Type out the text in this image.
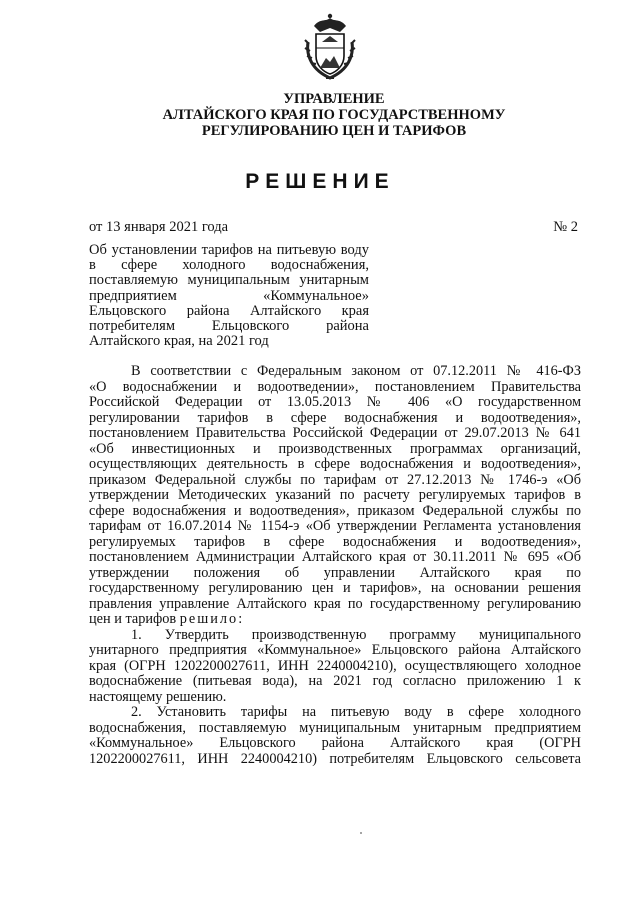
УПРАВЛЕНИЕ
АЛТАЙСКОГО КРАЯ ПО ГОСУДАРСТВЕННОМУ
РЕГУЛИРОВАНИЮ ЦЕН И ТАРИФОВ
РЕШЕНИЕ
от 13 января 2021 года	№ 2
Об установлении тарифов на питьевую воду
в сфере холодного водоснабжения,
поставляемую муниципальным унитарным
предприятием «Коммунальное»
Ельцовского района Алтайского края
потребителям Ельцовского района
Алтайского края, на 2021 год
В соответствии с Федеральным законом от 07.12.2011 № 416-ФЗ
«О водоснабжении и водоотведении», постановлением Правительства
Российской Федерации от 13.05.2013 № 406 «О государственном
регулировании тарифов в сфере водоснабжения и водоотведения»,
постановлением Правительства Российской Федерации от 29.07.2013 № 641
«Об инвестиционных и производственных программах организаций,
осуществляющих деятельность в сфере водоснабжения и водоотведения»,
приказом Федеральной службы по тарифам от 27.12.2013 № 1746-э «Об
утверждении Методических указаний по расчету регулируемых тарифов в
сфере водоснабжения и водоотведения», приказом Федеральной службы по
тарифам от 16.07.2014 № 1154-э «Об утверждении Регламента установления
регулируемых тарифов в сфере водоснабжения и водоотведения»,
постановлением Администрации Алтайского края от 30.11.2011 № 695 «Об
утверждении положения об управлении Алтайского края по
государственному регулированию цен и тарифов», на основании решения
правления управление Алтайского края по государственному регулированию
цен и тарифов решило:
1. Утвердить производственную программу муниципального
унитарного предприятия «Коммунальное» Ельцовского района Алтайского
края (ОГРН 1202200027611, ИНН 2240004210), осуществляющего холодное
водоснабжение (питьевая вода), на 2021 год согласно приложению 1 к
настоящему решению.
2. Установить тарифы на питьевую воду в сфере холодного
водоснабжения, поставляемую муниципальным унитарным предприятием
«Коммунальное» Ельцовского района Алтайского края (ОГРН
1202200027611, ИНН 2240004210) потребителям Ельцовского сельсовета
